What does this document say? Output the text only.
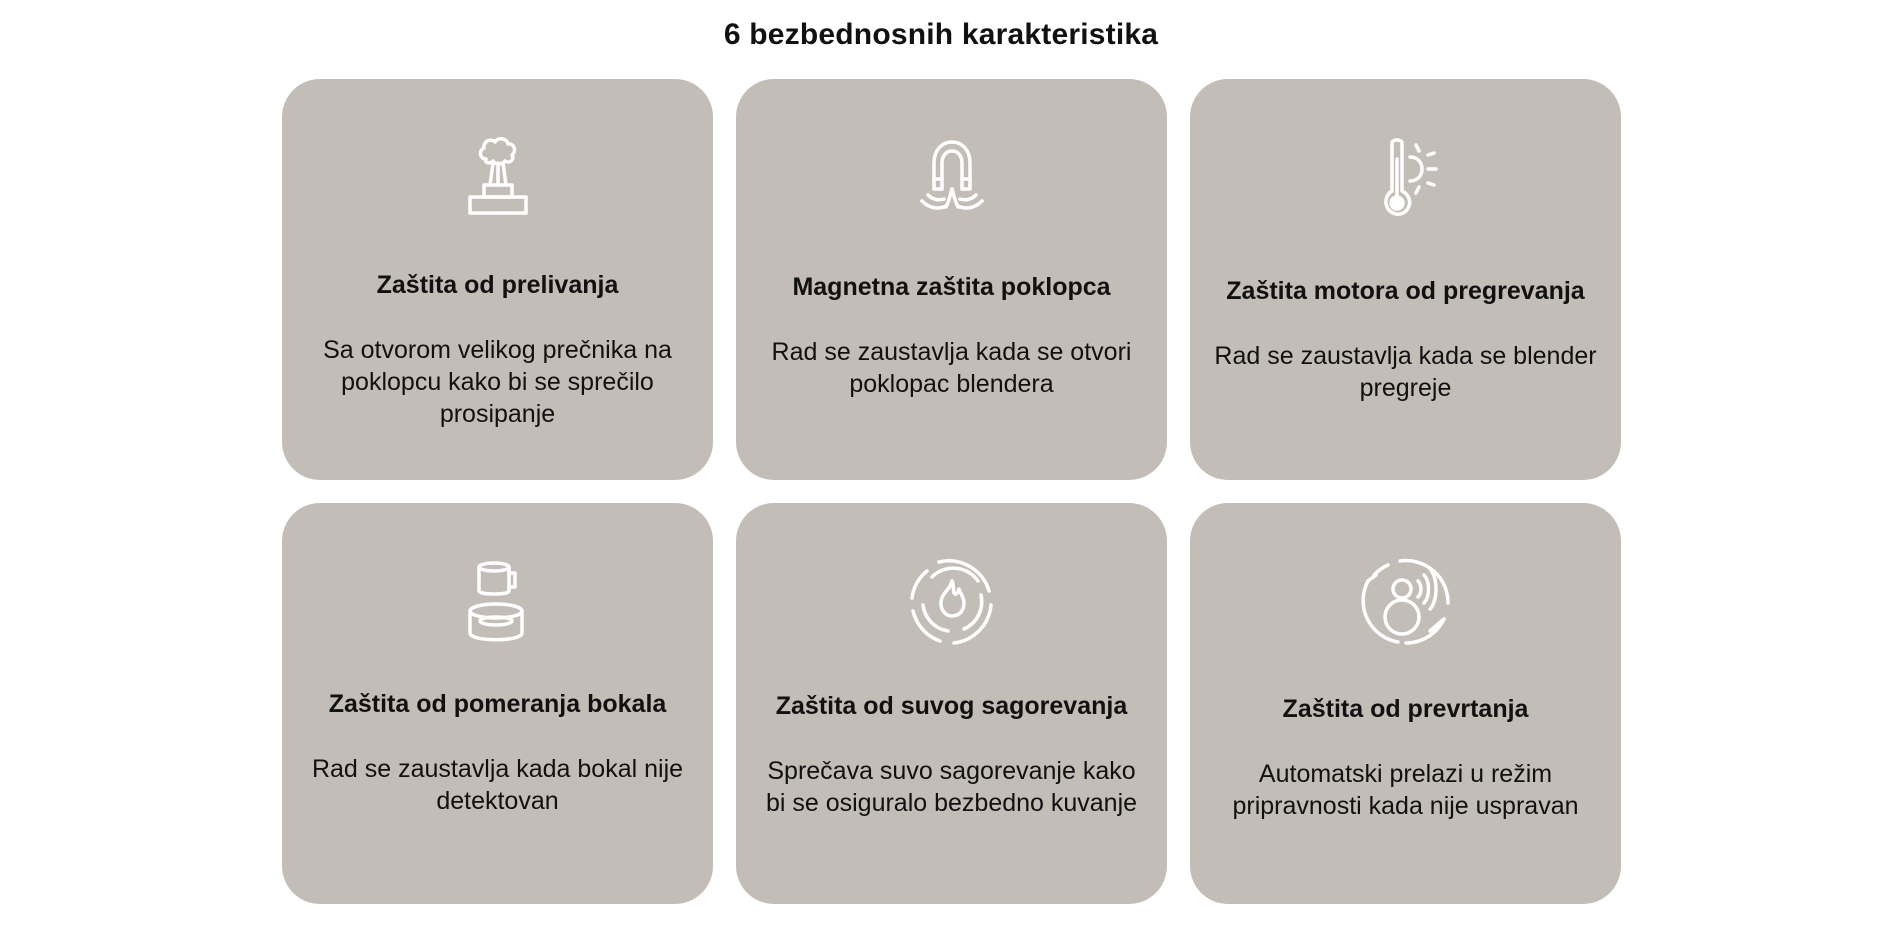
6 bezbednosnih karakteristika
Zaštita od prelivanja
Sa otvorom velikog prečnika na poklopcu kako bi se sprečilo prosipanje
Magnetna zaštita poklopca
Rad se zaustavlja kada se otvori poklopac blendera
Zaštita motora od pregrevanja
Rad se zaustavlja kada se blender pregreje
Zaštita od pomeranja bokala
Rad se zaustavlja kada bokal nije detektovan
Zaštita od suvog sagorevanja
Sprečava suvo sagorevanje kako bi se osiguralo bezbedno kuvanje
Zaštita od prevrtanja
Automatski prelazi u režim pripravnosti kada nije uspravan
